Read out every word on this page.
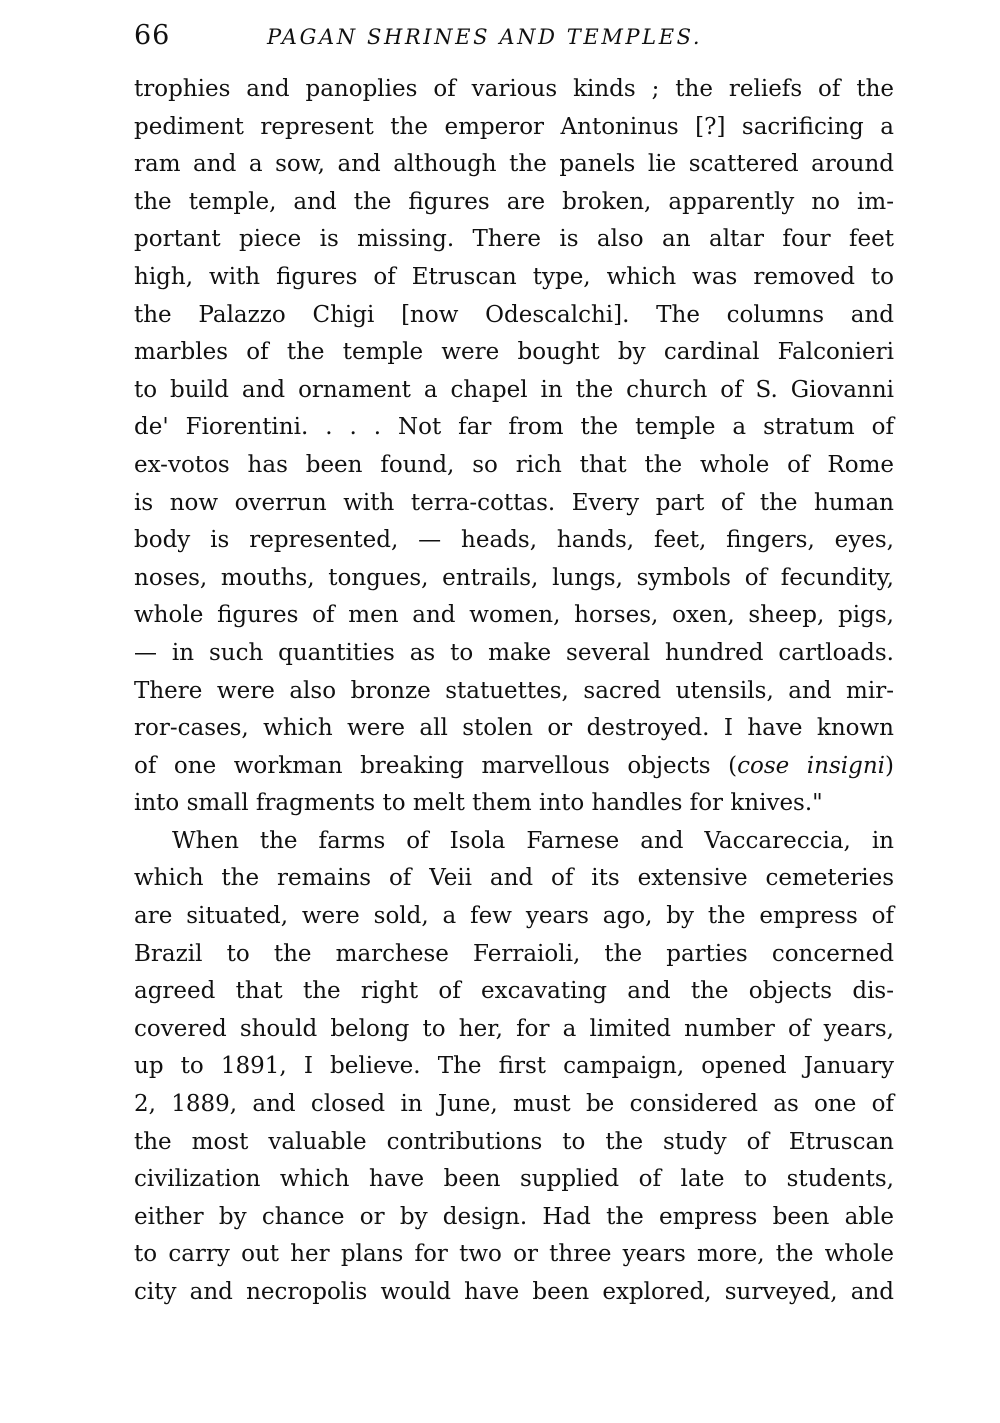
66	PAGAN SHRINES AND TEMPLES.
trophies and panoplies of various kinds ; the reliefs of the
pediment represent the emperor Antoninus [?] sacrificing a
ram and a sow, and although the panels lie scattered around
the temple, and the figures are broken, apparently no im-
portant piece is missing. There is also an altar four feet
high, with figures of Etruscan type, which was removed to
the Palazzo Chigi [now Odescalchi]. The columns and
marbles of the temple were bought by cardinal Falconieri
to build and ornament a chapel in the church of S. Giovanni
de' Fiorentini. . . . Not far from the temple a stratum of
ex-votos has been found, so rich that the whole of Rome
is now overrun with terra-cottas. Every part of the human
body is represented, — heads, hands, feet, fingers, eyes,
noses, mouths, tongues, entrails, lungs, symbols of fecundity,
whole figures of men and women, horses, oxen, sheep, pigs,
— in such quantities as to make several hundred cartloads.
There were also bronze statuettes, sacred utensils, and mir-
ror-cases, which were all stolen or destroyed. I have known
of one workman breaking marvellous objects (cose insigni)
into small fragments to melt them into handles for knives."
When the farms of Isola Farnese and Vaccareccia, in
which the remains of Veii and of its extensive cemeteries
are situated, were sold, a few years ago, by the empress of
Brazil to the marchese Ferraioli, the parties concerned
agreed that the right of excavating and the objects dis-
covered should belong to her, for a limited number of years,
up to 1891, I believe. The first campaign, opened January
2, 1889, and closed in June, must be considered as one of
the most valuable contributions to the study of Etruscan
civilization which have been supplied of late to students,
either by chance or by design. Had the empress been able
to carry out her plans for two or three years more, the whole
city and necropolis would have been explored, surveyed, and
